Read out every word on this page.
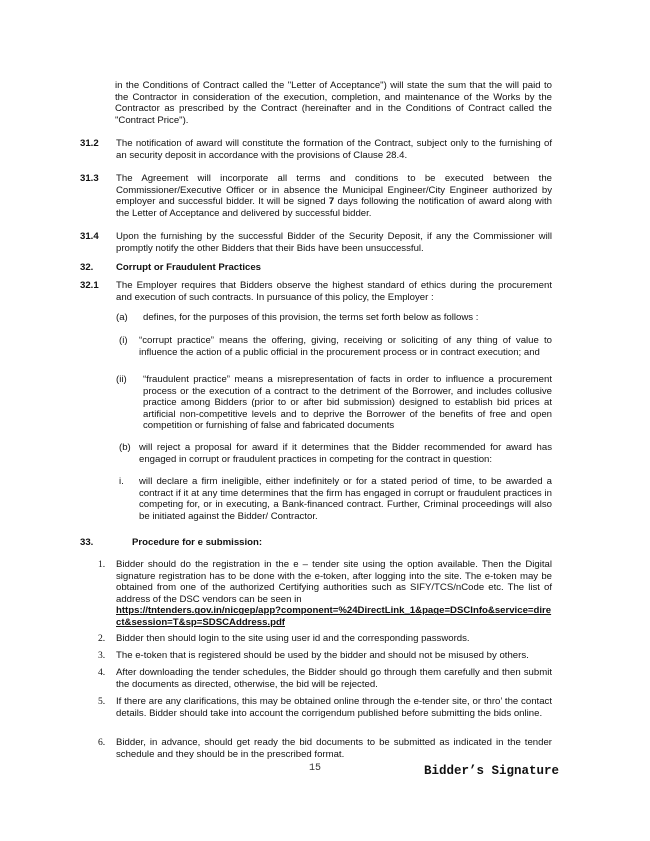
in the Conditions of Contract called the "Letter of Acceptance") will state the sum that the will paid to the Contractor in consideration of the execution, completion, and maintenance of the Works by the Contractor as prescribed by the Contract (hereinafter and in the Conditions of Contract called the "Contract Price").
31.2 The notification of award will constitute the formation of the Contract, subject only to the furnishing of an security deposit in accordance with the provisions of Clause 28.4.
31.3 The Agreement will incorporate all terms and conditions to be executed between the Commissioner/Executive Officer or in absence the Municipal Engineer/City Engineer authorized by employer and successful bidder. It will be signed 7 days following the notification of award along with the Letter of Acceptance and delivered by successful bidder.
31.4 Upon the furnishing by the successful Bidder of the Security Deposit, if any the Commissioner will promptly notify the other Bidders that their Bids have been unsuccessful.
32. Corrupt or Fraudulent Practices
32.1 The Employer requires that Bidders observe the highest standard of ethics during the procurement and execution of such contracts. In pursuance of this policy, the Employer :
(a) defines, for the purposes of this provision, the terms set forth below as follows :
(i) “corrupt practice” means the offering, giving, receiving or soliciting of any thing of value to influence the action of a public official in the procurement process or in contract execution; and
(ii) “fraudulent practice” means a misrepresentation of facts in order to influence a procurement process or the execution of a contract to the detriment of the Borrower, and includes collusive practice among Bidders (prior to or after bid submission) designed to establish bid prices at artificial non-competitive levels and to deprive the Borrower of the benefits of free and open competition or furnishing of false and fabricated documents
(b) will reject a proposal for award if it determines that the Bidder recommended for award has engaged in corrupt or fraudulent practices in competing for the contract in question:
i. will declare a firm ineligible, either indefinitely or for a stated period of time, to be awarded a contract if it at any time determines that the firm has engaged in corrupt or fraudulent practices in competing for, or in executing, a Bank-financed contract. Further, Criminal proceedings will also be initiated against the Bidder/ Contractor.
33.	Procedure for e submission:
1. Bidder should do the registration in the e – tender site using the option available. Then the Digital signature registration has to be done with the e-token, after logging into the site. The e-token may be obtained from one of the authorized Certifying authorities such as SIFY/TCS/nCode etc. The list of address of the DSC vendors can be seen in
https://tntenders.gov.in/nicgep/app?component=%24DirectLink_1&page=DSCInfo&service=direct&session=T&sp=SDSCAddress.pdf
2. Bidder then should login to the site using user id and the corresponding passwords.
3. The e-token that is registered should be used by the bidder and should not be misused by others.
4. After downloading the tender schedules, the Bidder should go through them carefully and then submit the documents as directed, otherwise, the bid will be rejected.
5. If there are any clarifications, this may be obtained online through the e-tender site, or thro’ the contact details. Bidder should take into account the corrigendum published before submitting the bids online.
6. Bidder, in advance, should get ready the bid documents to be submitted as indicated in the tender schedule and they should be in the prescribed format.
15	Bidder’s Signature
